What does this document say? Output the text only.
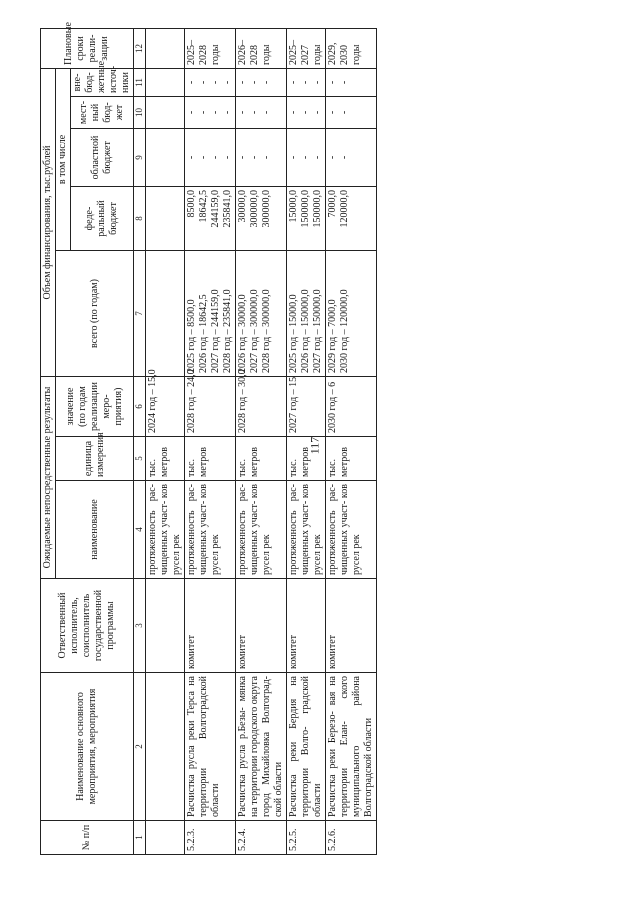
117
№ п/п	Наименование основного мероприятия, мероприятия	Ответственный исполнитель, соисполнитель государственной программы	Ожидаемые непосредственные результаты			Объем финансирования, тыс.рублей					Плановые сроки реали- зации
			наименование	единица измерения	значение (по годам реализации меро- приятия)	всего (по годам)	в том числе				
							феде- ральный бюджет	областной бюджет	мест- ный бюд- жет	вне- бюд- жетные источ- ники	
1	2	3	4	5	6	7	8	9	10	11	12
			протяженность рас- чищенных участ- ков русел рек	тыс. метров	2024 год – 15,0						
5.2.3.	Расчистка русла реки Терса на территории Волгоградской области	комитет	протяженность рас- чищенных участ- ков русел рек	тыс. метров	2028 год – 24,0	2025 год – 8500,0 2026 год – 18642,5 2027 год – 244159,0 2028 год – 235841,0	8500,0 18642,5 244159,0 235841,0	- - - -	- - - -	- - - -	2025–2028 годы
5.2.4.	Расчистка русла р.Безы- мянка на территории городского округа город Михайловка Волгоград- ской области	комитет	протяженность рас- чищенных участ- ков русел рек	тыс. метров	2028 год – 30,0	2026 год – 30000,0 2027 год – 300000,0 2028 год – 300000,0	30000,0 300000,0 300000,0	- - -	- - -	- - -	2026–2028 годы
5.2.5.	Расчистка реки Бердия на территории Волго- градской области	комитет	протяженность рас- чищенных участ- ков русел рек	тыс. метров	2027 год – 15	2025 год – 15000,0 2026 год – 150000,0 2027 год – 150000,0	15000,0 150000,0 150000,0	- - -	- - -	- - -	2025–2027 годы
5.2.6.	Расчистка реки Березо- вая на территории Елан- ского муниципального района Волгоградской области	комитет	протяженность рас- чищенных участ- ков русел рек	тыс. метров	2030 год – 6	2029 год – 7000,0 2030 год – 120000,0	7000,0 120000,0	- -	- -	- -	2029, 2030 годы
